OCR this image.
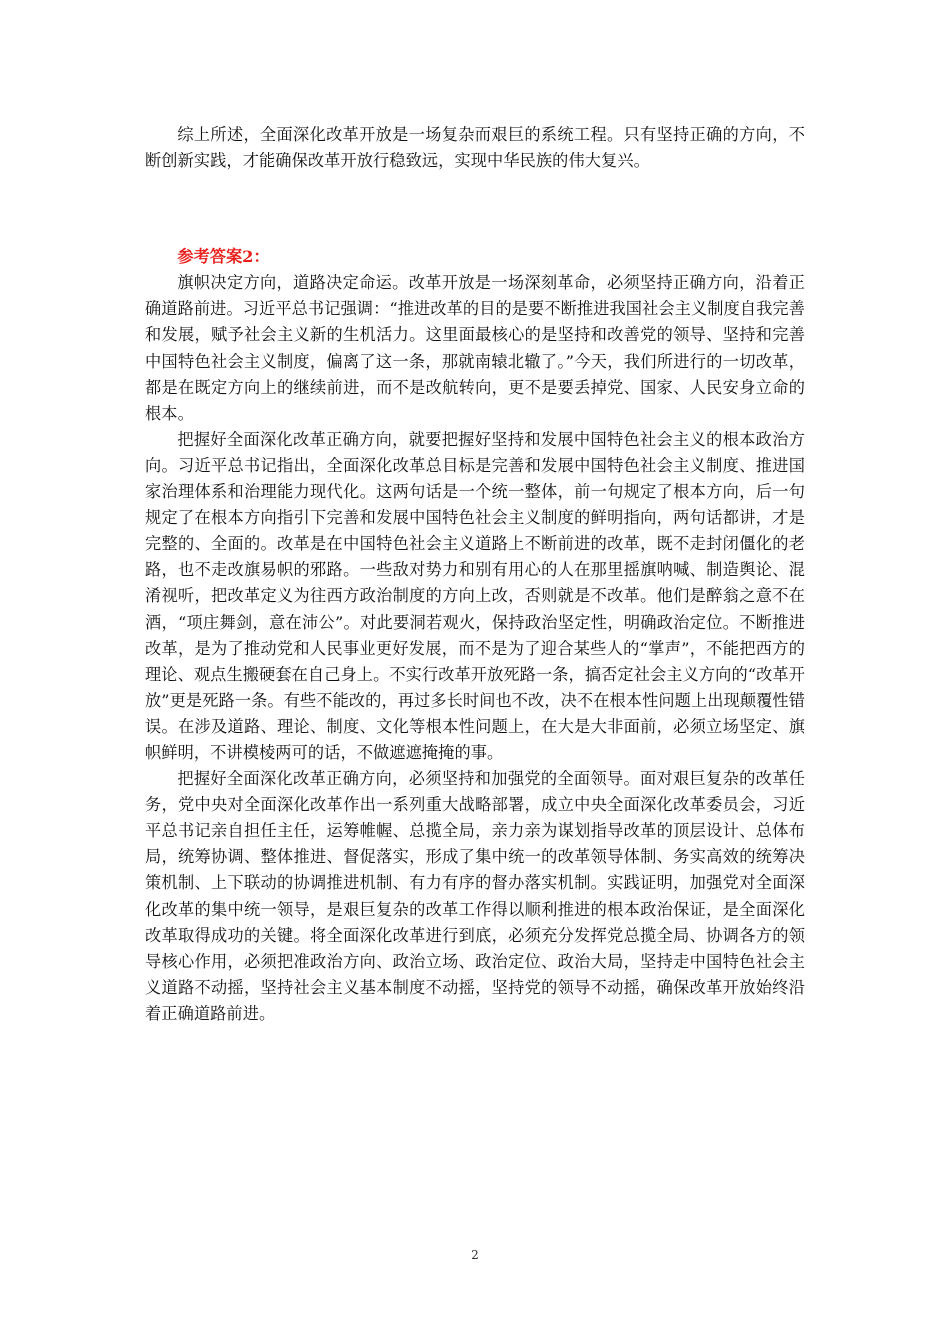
综上所述，全面深化改革开放是一场复杂而艰巨的系统工程。只有坚持正确的方向，不断创新实践，才能确保改革开放行稳致远，实现中华民族的伟大复兴。

参考答案2：

旗帜决定方向，道路决定命运。改革开放是一场深刻革命，必须坚持正确方向，沿着正确道路前进。习近平总书记强调：“推进改革的目的是要不断推进我国社会主义制度自我完善和发展，赋予社会主义新的生机活力。这里面最核心的是坚持和改善党的领导、坚持和完善中国特色社会主义制度，偏离了这一条，那就南辕北辙了。”今天，我们所进行的一切改革，都是在既定方向上的继续前进，而不是改航转向，更不是要丢掉党、国家、人民安身立命的根本。

把握好全面深化改革正确方向，就要把握好坚持和发展中国特色社会主义的根本政治方向。习近平总书记指出，全面深化改革总目标是完善和发展中国特色社会主义制度、推进国家治理体系和治理能力现代化。这两句话是一个统一整体，前一句规定了根本方向，后一句规定了在根本方向指引下完善和发展中国特色社会主义制度的鲜明指向，两句话都讲，才是完整的、全面的。改革是在中国特色社会主义道路上不断前进的改革，既不走封闭僵化的老路，也不走改旗易帜的邪路。一些敌对势力和别有用心的人在那里摇旗呐喊、制造舆论、混淆视听，把改革定义为往西方政治制度的方向上改，否则就是不改革。他们是醉翁之意不在酒，“项庄舞剑，意在沛公”。对此要洞若观火，保持政治坚定性，明确政治定位。不断推进改革，是为了推动党和人民事业更好发展，而不是为了迎合某些人的“掌声”，不能把西方的理论、观点生搬硬套在自己身上。不实行改革开放死路一条，搞否定社会主义方向的“改革开放”更是死路一条。有些不能改的，再过多长时间也不改，决不在根本性问题上出现颠覆性错误。在涉及道路、理论、制度、文化等根本性问题上，在大是大非面前，必须立场坚定、旗帜鲜明，不讲模棱两可的话，不做遮遮掩掩的事。

把握好全面深化改革正确方向，必须坚持和加强党的全面领导。面对艰巨复杂的改革任务，党中央对全面深化改革作出一系列重大战略部署，成立中央全面深化改革委员会，习近平总书记亲自担任主任，运筹帷幄、总揽全局，亲力亲为谋划指导改革的顶层设计、总体布局，统筹协调、整体推进、督促落实，形成了集中统一的改革领导体制、务实高效的统筹决策机制、上下联动的协调推进机制、有力有序的督办落实机制。实践证明，加强党对全面深化改革的集中统一领导，是艰巨复杂的改革工作得以顺利推进的根本政治保证，是全面深化改革取得成功的关键。将全面深化改革进行到底，必须充分发挥党总揽全局、协调各方的领导核心作用，必须把准政治方向、政治立场、政治定位、政治大局，坚持走中国特色社会主义道路不动摇，坚持社会主义基本制度不动摇，坚持党的领导不动摇，确保改革开放始终沿着正确道路前进。

2
